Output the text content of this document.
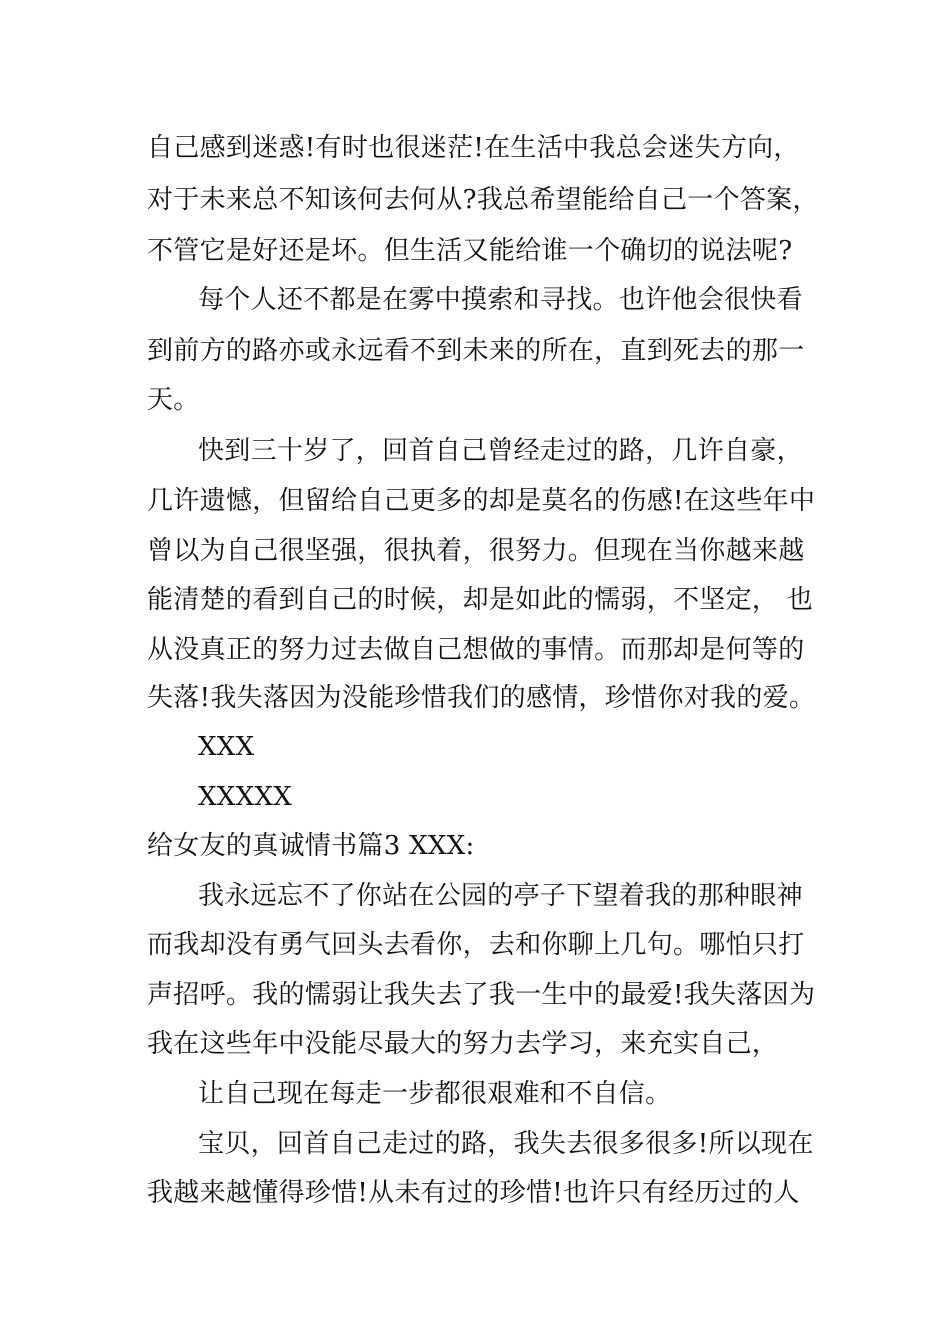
自己感到迷惑!有时也很迷茫!在生活中我总会迷失方向，
对于未来总不知该何去何从?我总希望能给自己一个答案，
不管它是好还是坏。但生活又能给谁一个确切的说法呢?
每个人还不都是在雾中摸索和寻找。也许他会很快看
到前方的路亦或永远看不到未来的所在，直到死去的那一
天。
快到三十岁了，回首自己曾经走过的路，几许自豪，
几许遗憾，但留给自己更多的却是莫名的伤感!在这些年中
曾以为自己很坚强，很执着，很努力。但现在当你越来越
能清楚的看到自己的时候，却是如此的懦弱，不坚定， 也
从没真正的努力过去做自己想做的事情。而那却是何等的
失落!我失落因为没能珍惜我们的感情，珍惜你对我的爱。
XXX
XXXXX
给女友的真诚情书篇3 XXX:
我永远忘不了你站在公园的亭子下望着我的那种眼神
而我却没有勇气回头去看你，去和你聊上几句。哪怕只打
声招呼。我的懦弱让我失去了我一生中的最爱!我失落因为
我在这些年中没能尽最大的努力去学习，来充实自己，
让自己现在每走一步都很艰难和不自信。
宝贝，回首自己走过的路，我失去很多很多!所以现在
我越来越懂得珍惜!从未有过的珍惜!也许只有经历过的人
